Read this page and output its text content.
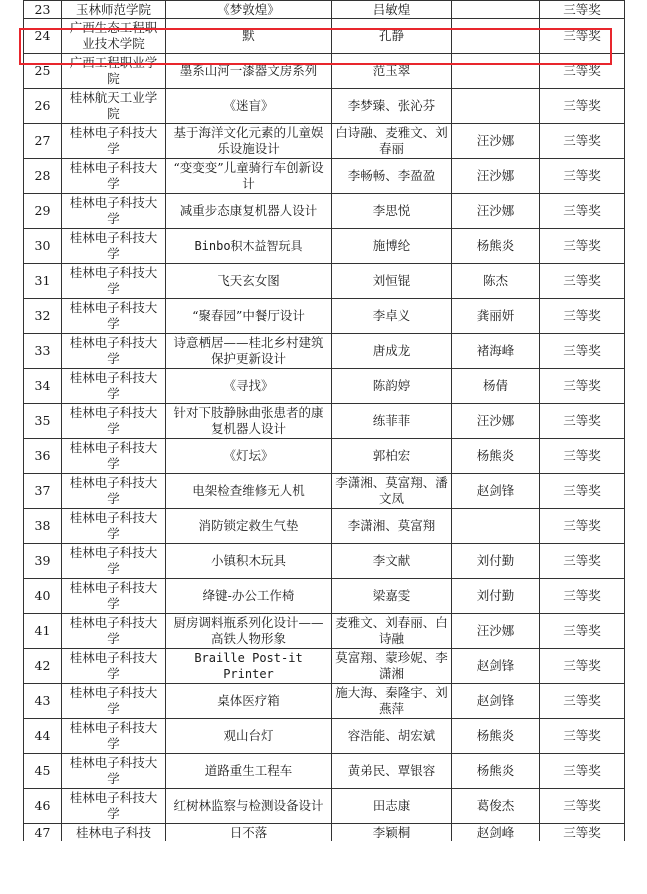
23	玉林师范学院	《梦敦煌》	吕敏煌		三等奖
24	广西生态工程职业技术学院	默	孔静		三等奖
25	广西工程职业学院	墨系山河一漆器文房系列	范玉翠		三等奖
26	桂林航天工业学院	《迷盲》	李梦臻、张沁芬		三等奖
27	桂林电子科技大学	基于海洋文化元素的儿童娱乐设施设计	白诗融、麦雅文、刘春丽	汪沙娜	三等奖
28	桂林电子科技大学	“变变变”儿童骑行车创新设计	李畅畅、李盈盈	汪沙娜	三等奖
29	桂林电子科技大学	减重步态康复机器人设计	李思悦	汪沙娜	三等奖
30	桂林电子科技大学	Binbo积木益智玩具	施博纶	杨熊炎	三等奖
31	桂林电子科技大学	飞天玄女图	刘恒锟	陈杰	三等奖
32	桂林电子科技大学	“聚春园”中餐厅设计	李卓义	龚丽妍	三等奖
33	桂林电子科技大学	诗意栖居——桂北乡村建筑保护更新设计	唐成龙	褚海峰	三等奖
34	桂林电子科技大学	《寻找》	陈韵婷	杨倩	三等奖
35	桂林电子科技大学	针对下肢静脉曲张患者的康复机器人设计	练菲菲	汪沙娜	三等奖
36	桂林电子科技大学	《灯坛》	郭柏宏	杨熊炎	三等奖
37	桂林电子科技大学	电架检查维修无人机	李潇湘、莫富翔、潘文凤	赵剑锋	三等奖
38	桂林电子科技大学	消防锁定救生气垫	李潇湘、莫富翔		三等奖
39	桂林电子科技大学	小镇积木玩具	李文献	刘付勤	三等奖
40	桂林电子科技大学	绛键-办公工作椅	梁嘉雯	刘付勤	三等奖
41	桂林电子科技大学	厨房调料瓶系列化设计——高铁人物形象	麦雅文、刘春丽、白诗融	汪沙娜	三等奖
42	桂林电子科技大学	Braille Post-it Printer	莫富翔、蒙珍妮、李潇湘	赵剑锋	三等奖
43	桂林电子科技大学	桌体医疗箱	施大海、秦隆宇、刘燕萍	赵剑锋	三等奖
44	桂林电子科技大学	观山台灯	容浩能、胡宏斌	杨熊炎	三等奖
45	桂林电子科技大学	道路重生工程车	黄弟民、覃银容	杨熊炎	三等奖
46	桂林电子科技大学	红树林监察与检测设备设计	田志康	葛俊杰	三等奖
47	桂林电子科技	日不落	李颖桐	赵剑峰	三等奖
